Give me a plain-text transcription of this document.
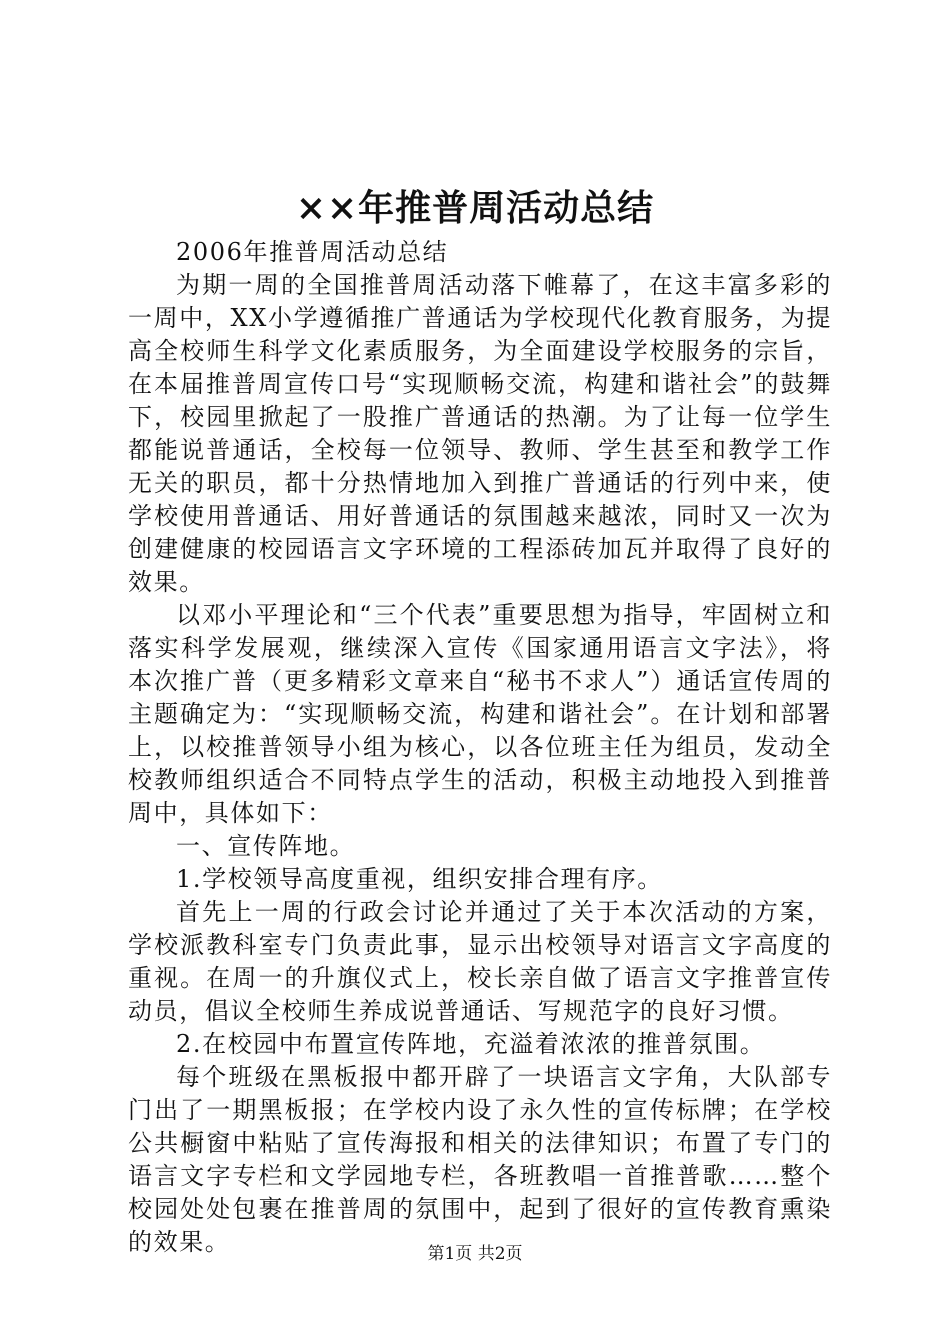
××年推普周活动总结

2006年推普周活动总结

为期一周的全国推普周活动落下帷幕了，在这丰富多彩的一周中，XX小学遵循推广普通话为学校现代化教育服务，为提高全校师生科学文化素质服务，为全面建设学校服务的宗旨，在本届推普周宣传口号“实现顺畅交流，构建和谐社会”的鼓舞下，校园里掀起了一股推广普通话的热潮。为了让每一位学生都能说普通话，全校每一位领导、教师、学生甚至和教学工作无关的职员，都十分热情地加入到推广普通话的行列中来，使学校使用普通话、用好普通话的氛围越来越浓，同时又一次为创建健康的校园语言文字环境的工程添砖加瓦并取得了良好的效果。

以邓小平理论和“三个代表”重要思想为指导，牢固树立和落实科学发展观，继续深入宣传《国家通用语言文字法》，将本次推广普（更多精彩文章来自“秘书不求人”）通话宣传周的主题确定为：“实现顺畅交流，构建和谐社会”。在计划和部署上，以校推普领导小组为核心，以各位班主任为组员，发动全校教师组织适合不同特点学生的活动，积极主动地投入到推普周中，具体如下：

一、宣传阵地。

1.学校领导高度重视，组织安排合理有序。

首先上一周的行政会讨论并通过了关于本次活动的方案，学校派教科室专门负责此事，显示出校领导对语言文字高度的重视。在周一的升旗仪式上，校长亲自做了语言文字推普宣传动员，倡议全校师生养成说普通话、写规范字的良好习惯。

2.在校园中布置宣传阵地，充溢着浓浓的推普氛围。

每个班级在黑板报中都开辟了一块语言文字角，大队部专门出了一期黑板报；在学校内设了永久性的宣传标牌；在学校公共橱窗中粘贴了宣传海报和相关的法律知识；布置了专门的语言文字专栏和文学园地专栏，各班教唱一首推普歌……整个校园处处包裹在推普周的氛围中，起到了很好的宣传教育熏染的效果。	第1页 共2页
